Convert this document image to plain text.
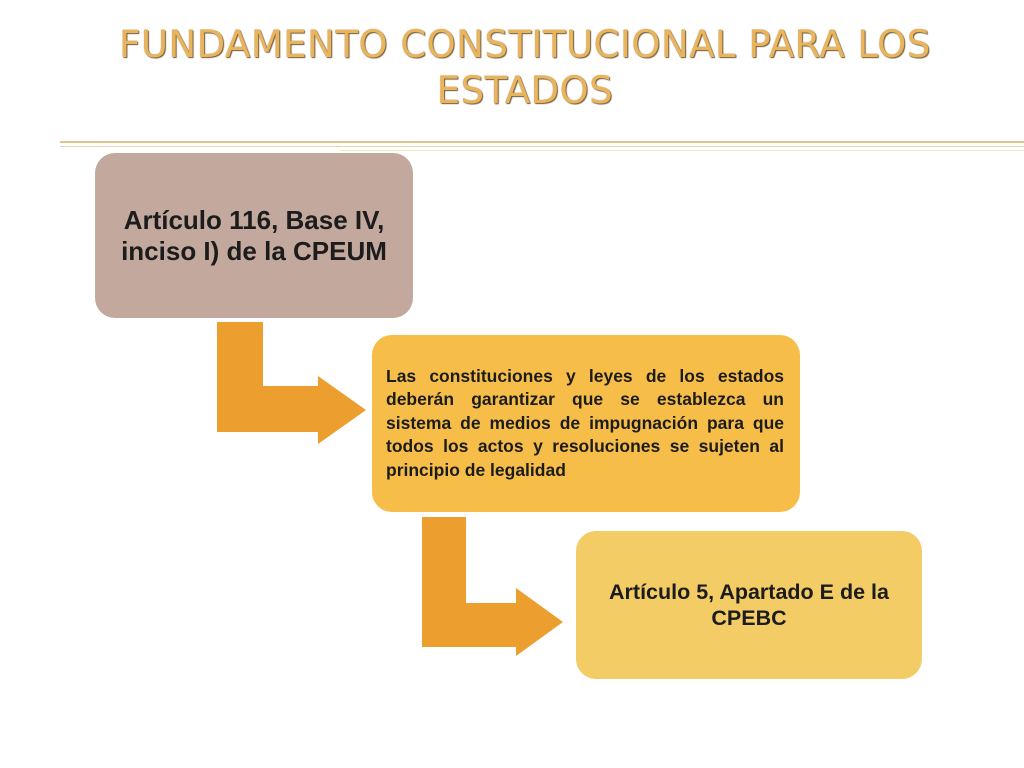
FUNDAMENTO CONSTITUCIONAL PARA LOS ESTADOS
Artículo 116, Base IV, inciso I) de la CPEUM
Las constituciones y leyes de los estados deberán garantizar que se establezca un sistema de medios de impugnación para que todos los actos y resoluciones se sujeten al principio de legalidad
Artículo 5, Apartado E de la CPEBC
